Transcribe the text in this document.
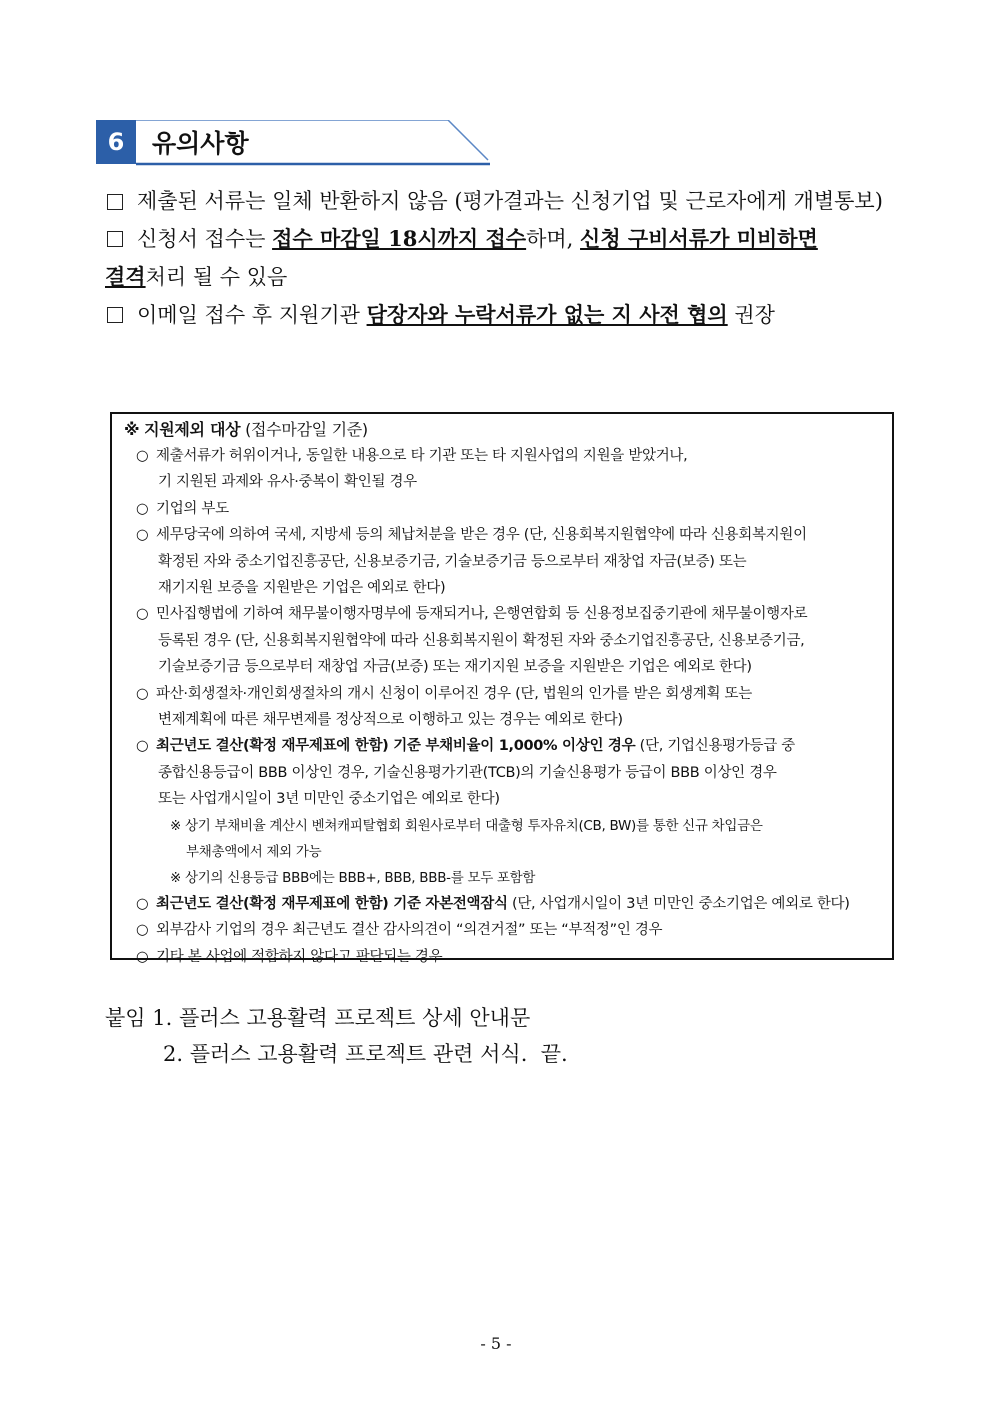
6	유의사항
제출된 서류는 일체 반환하지 않음 (평가결과는 신청기업 및 근로자에게 개별통보)
신청서 접수는 접수 마감일 18시까지 접수하며, 신청 구비서류가 미비하면
결격처리 될 수 있음
이메일 접수 후 지원기관 담장자와 누락서류가 없는 지 사전 협의 권장
※ 지원제외 대상 (접수마감일 기준)
○ 제출서류가 허위이거나, 동일한 내용으로 타 기관 또는 타 지원사업의 지원을 받았거나,
기 지원된 과제와 유사·중복이 확인될 경우
○ 기업의 부도
○ 세무당국에 의하여 국세, 지방세 등의 체납처분을 받은 경우 (단, 신용회복지원협약에 따라 신용회복지원이
확정된 자와 중소기업진흥공단, 신용보증기금, 기술보증기금 등으로부터 재창업 자금(보증) 또는
재기지원 보증을 지원받은 기업은 예외로 한다)
○ 민사집행법에 기하여 채무불이행자명부에 등재되거나, 은행연합회 등 신용정보집중기관에 채무불이행자로
등록된 경우 (단, 신용회복지원협약에 따라 신용회복지원이 확정된 자와 중소기업진흥공단, 신용보증기금,
기술보증기금 등으로부터 재창업 자금(보증) 또는 재기지원 보증을 지원받은 기업은 예외로 한다)
○ 파산·회생절차·개인회생절차의 개시 신청이 이루어진 경우 (단, 법원의 인가를 받은 회생계획 또는
변제계획에 따른 채무변제를 정상적으로 이행하고 있는 경우는 예외로 한다)
○ 최근년도 결산(확정 재무제표에 한함) 기준 부채비율이 1,000% 이상인 경우 (단, 기업신용평가등급 중
종합신용등급이 BBB 이상인 경우, 기술신용평가기관(TCB)의 기술신용평가 등급이 BBB 이상인 경우
또는 사업개시일이 3년 미만인 중소기업은 예외로 한다)
※ 상기 부채비율 계산시 벤쳐캐피탈협회 회원사로부터 대출형 투자유치(CB, BW)를 통한 신규 차입금은
부채총액에서 제외 가능
※ 상기의 신용등급 BBB에는 BBB+, BBB, BBB-를 모두 포함함
○ 최근년도 결산(확정 재무제표에 한함) 기준 자본전액잠식 (단, 사업개시일이 3년 미만인 중소기업은 예외로 한다)
○ 외부감사 기업의 경우 최근년도 결산 감사의견이 “의견거절” 또는 “부적정”인 경우
○ 기타 본 사업에 적합하지 않다고 판단되는 경우
붙임 1. 플러스 고용활력 프로젝트 상세 안내문
2. 플러스 고용활력 프로젝트 관련 서식. 끝.
- 5 -
